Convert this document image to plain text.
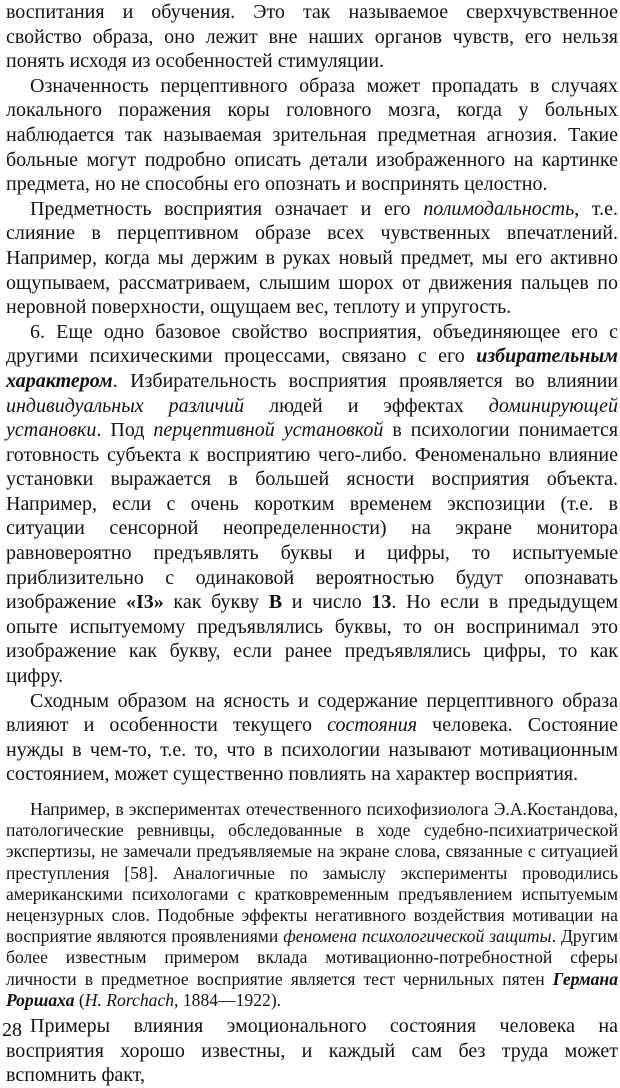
воспитания и обучения. Это так называемое сверхчувственное свойство образа, оно лежит вне наших органов чувств, его нельзя понять исходя из особенностей стимуляции.

Означенность перцептивного образа может пропадать в случаях локального поражения коры головного мозга, когда у больных наблюдается так называемая зрительная предметная агнозия. Такие больные могут подробно описать детали изображенного на картинке предмета, но не способны его опознать и воспринять целостно.

Предметность восприятия означает и его полимодальность, т.е. слияние в перцептивном образе всех чувственных впечатлений. Например, когда мы держим в руках новый предмет, мы его активно ощупываем, рассматриваем, слышим шорох от движения пальцев по неровной поверхности, ощущаем вес, теплоту и упругость.

6. Еще одно базовое свойство восприятия, объединяющее его с другими психическими процессами, связано с его избирательным характером. Избирательность восприятия проявляется во влиянии индивидуальных различий людей и эффектах доминирующей установки. Под перцептивной установкой в психологии понимается готовность субъекта к восприятию чего-либо. Феноменально влияние установки выражается в большей ясности восприятия объекта. Например, если с очень коротким временем экспозиции (т.е. в ситуации сенсорной неопределенности) на экране монитора равновероятно предъявлять буквы и цифры, то испытуемые приблизительно с одинаковой вероятностью будут опознавать изображение «I3» как букву В и число 13. Но если в предыдущем опыте испытуемому предъявлялись буквы, то он воспринимал это изображение как букву, если ранее предъявлялись цифры, то как цифру.

Сходным образом на ясность и содержание перцептивного образа влияют и особенности текущего состояния человека. Состояние нужды в чем-то, т.е. то, что в психологии называют мотивационным состоянием, может существенно повлиять на характер восприятия.

Например, в экспериментах отечественного психофизиолога Э.А.Костандова, патологические ревнивцы, обследованные в ходе судебно-психиатрической экспертизы, не замечали предъявляемые на экране слова, связанные с ситуацией преступления [58]. Аналогичные по замыслу эксперименты проводились американскими психологами с кратковременным предъявлением испытуемым нецензурных слов. Подобные эффекты негативного воздействия мотивации на восприятие являются проявлениями феномена психологической защиты. Другим более известным примером вклада мотивационно-потребностной сферы личности в предметное восприятие является тест чернильных пятен Германа Роршаха (H. Rorchach, 1884—1922).

Примеры влияния эмоционального состояния человека на восприятия хорошо известны, и каждый сам без труда может вспомнить факт,

28
